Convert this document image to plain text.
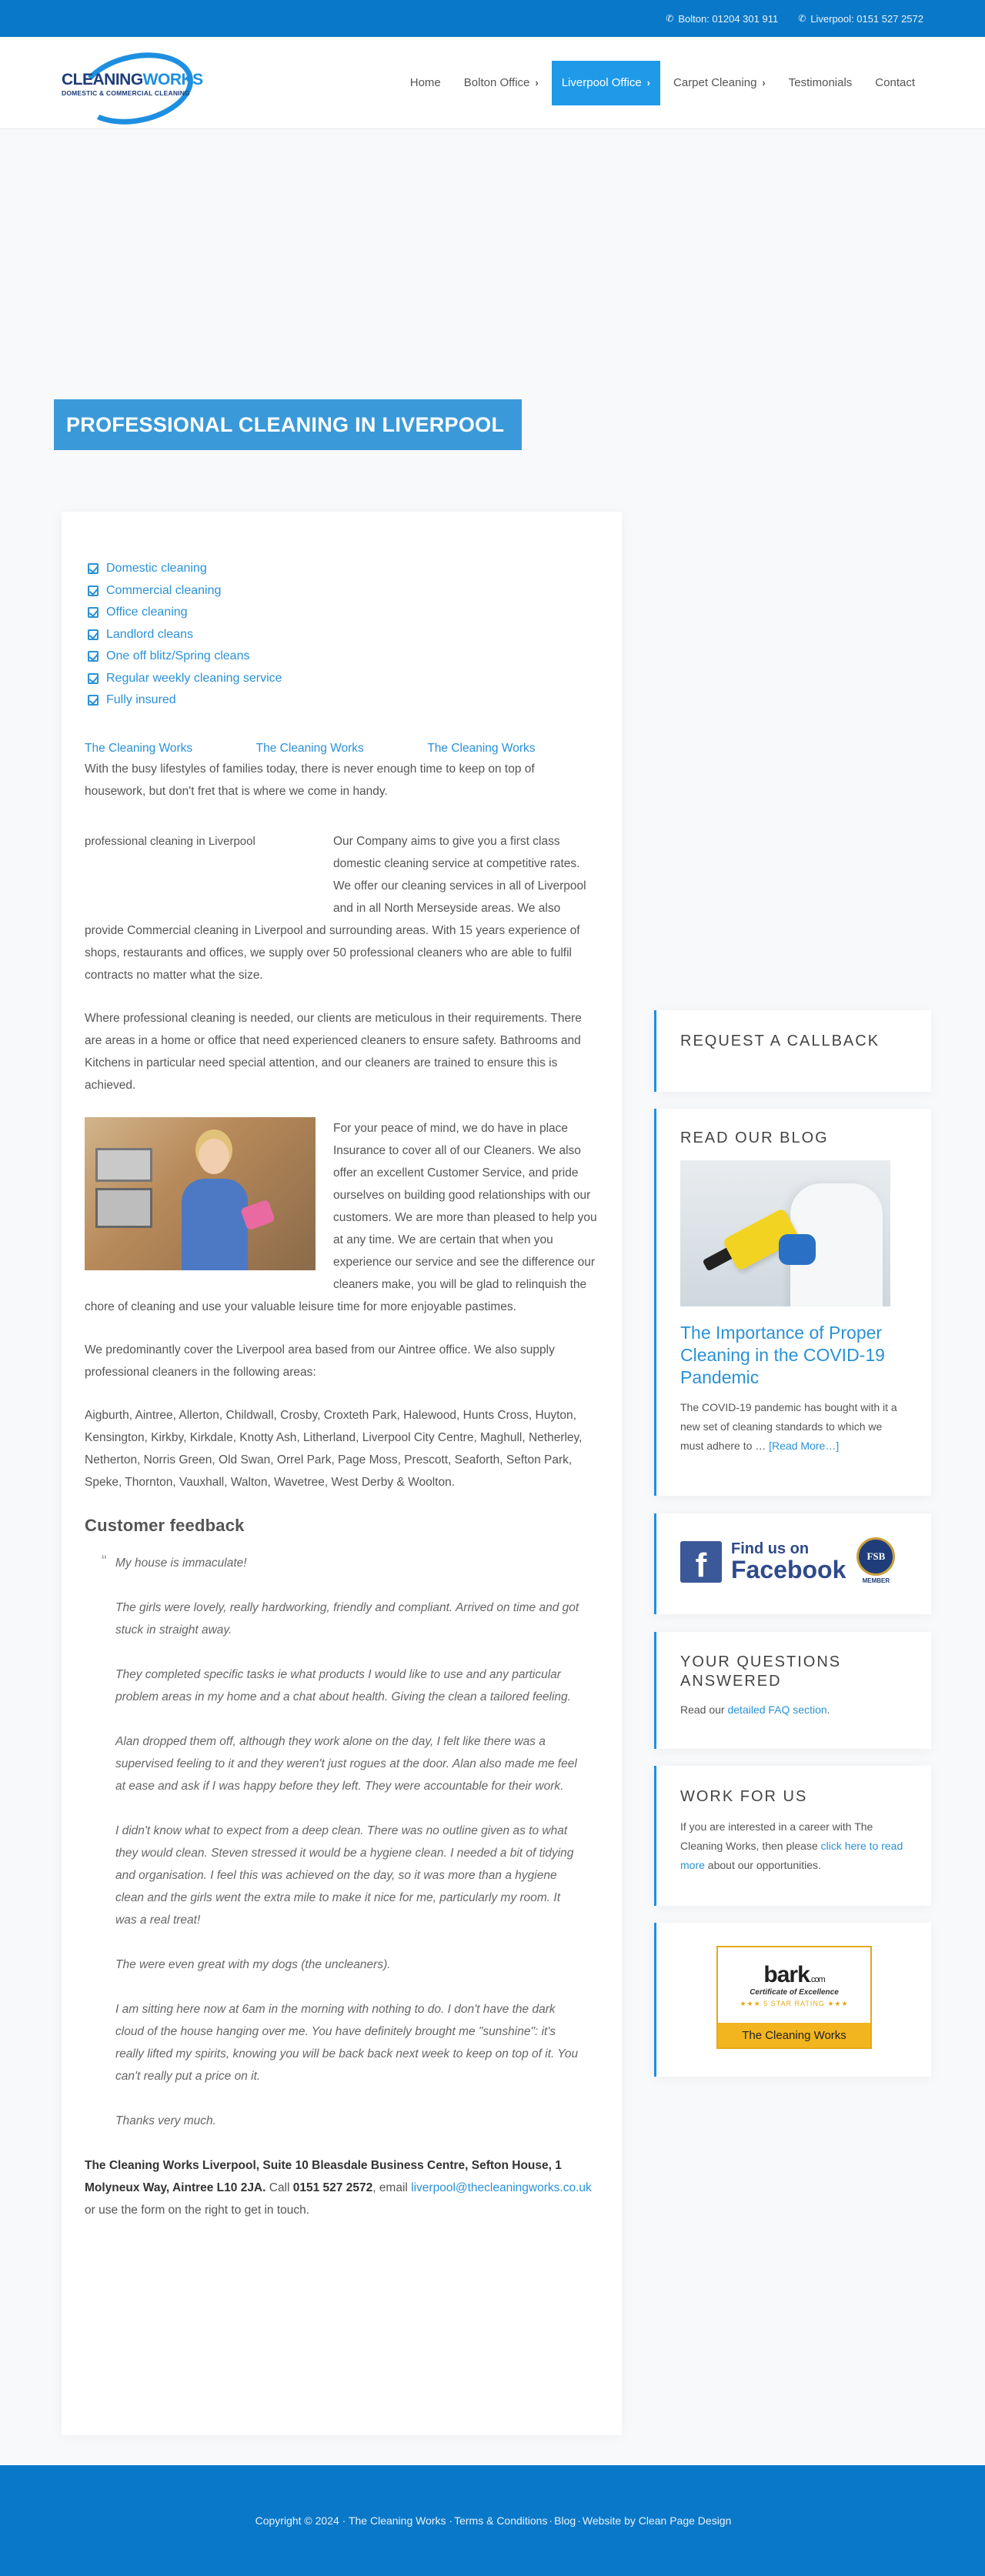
✆ Bolton: 01204 301 911 ✆ Liverpool: 0151 527 2572
CLEANINGWORKS
DOMESTIC & COMMERCIAL CLEANING
Home Bolton Office › Liverpool Office › Carpet Cleaning › Testimonials Contact
PROFESSIONAL CLEANING IN LIVERPOOL
Domestic cleaning
Commercial cleaning
Office cleaning
Landlord cleans
One off blitz/Spring cleans
Regular weekly cleaning service
Fully insured
The Cleaning Works	The Cleaning Works	The Cleaning Works

With the busy lifestyles of families today, there is never enough time to keep on top of housework, but don't fret that is where we come in handy.

professional cleaning in Liverpool	Our Company aims to give you a first class domestic cleaning service at competitive rates. We offer our cleaning services in all of Liverpool and in all North Merseyside areas. We also provide Commercial cleaning in Liverpool and surrounding areas. With 15 years experience of shops, restaurants and offices, we supply over 50 professional cleaners who are able to fulfil contracts no matter what the size.

Where professional cleaning is needed, our clients are meticulous in their requirements. There are areas in a home or office that need experienced cleaners to ensure safety. Bathrooms and Kitchens in particular need special attention, and our cleaners are trained to ensure this is achieved.

For your peace of mind, we do have in place Insurance to cover all of our Cleaners. We also offer an excellent Customer Service, and pride ourselves on building good relationships with our customers. We are more than pleased to help you at any time. We are certain that when you experience our service and see the difference our cleaners make, you will be glad to relinquish the chore of cleaning and use your valuable leisure time for more enjoyable pastimes.

We predominantly cover the Liverpool area based from our Aintree office. We also supply professional cleaners in the following areas:

Aigburth, Aintree, Allerton, Childwall, Crosby, Croxteth Park, Halewood, Hunts Cross, Huyton, Kensington, Kirkby, Kirkdale, Knotty Ash, Litherland, Liverpool City Centre, Maghull, Netherley, Netherton, Norris Green, Old Swan, Orrel Park, Page Moss, Prescott, Seaforth, Sefton Park, Speke, Thornton, Vauxhall, Walton, Wavetree, West Derby & Woolton.

Customer feedback
“ My house is immaculate!

The girls were lovely, really hardworking, friendly and compliant. Arrived on time and got stuck in straight away.

They completed specific tasks ie what products I would like to use and any particular problem areas in my home and a chat about health. Giving the clean a tailored feeling.

Alan dropped them off, although they work alone on the day, I felt like there was a supervised feeling to it and they weren't just rogues at the door. Alan also made me feel at ease and ask if I was happy before they left. They were accountable for their work.

I didn't know what to expect from a deep clean. There was no outline given as to what they would clean. Steven stressed it would be a hygiene clean. I needed a bit of tidying and organisation. I feel this was achieved on the day, so it was more than a hygiene clean and the girls went the extra mile to make it nice for me, particularly my room. It was a real treat!

The were even great with my dogs (the uncleaners).

I am sitting here now at 6am in the morning with nothing to do. I don't have the dark cloud of the house hanging over me. You have definitely brought me "sunshine": it's really lifted my spirits, knowing you will be back back next week to keep on top of it. You can't really put a price on it.

Thanks very much.

The Cleaning Works Liverpool, Suite 10 Bleasdale Business Centre, Sefton House, 1 Molyneux Way, Aintree L10 2JA. Call 0151 527 2572, email liverpool@thecleaningworks.co.uk or use the form on the right to get in touch.

REQUEST A CALLBACK
READ OUR BLOG
The Importance of Proper Cleaning in the COVID-19 Pandemic

The COVID-19 pandemic has bought with it a new set of cleaning standards to which we must adhere to … [Read More…]

f	Find us on
Facebook	FSB
MEMBER
YOUR QUESTIONS ANSWERED

Read our detailed FAQ section.

WORK FOR US

If you are interested in a career with The Cleaning Works, then please click here to read more about our opportunities.

bark.com
Certificate of Excellence
★★★ 5 STAR RATING ★★★
The Cleaning Works
Copyright © 2024 · The Cleaning Works · Terms & Conditions · Blog · Website by Clean Page Design
